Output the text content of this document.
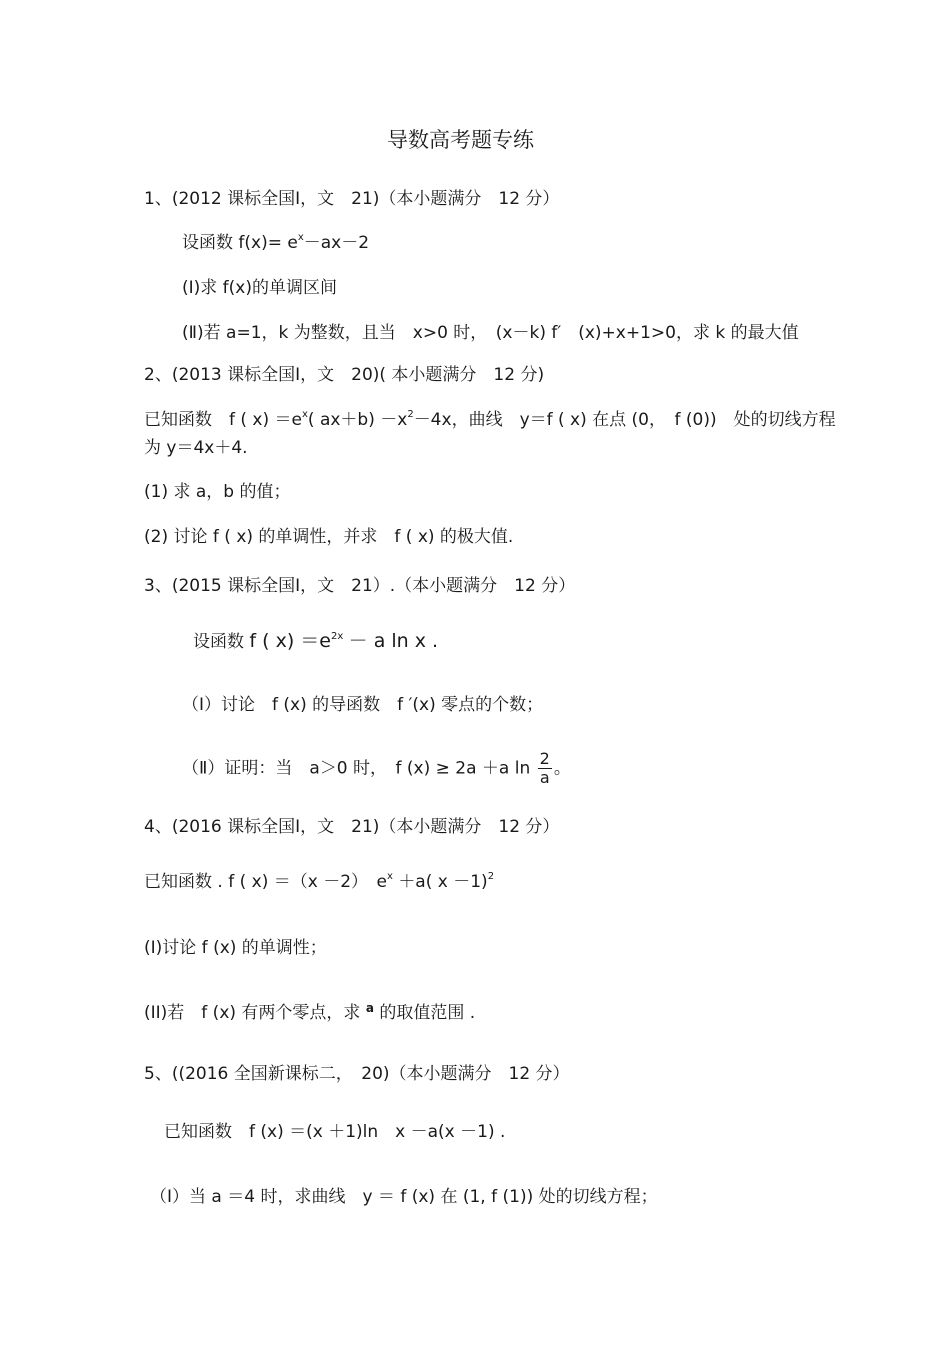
导数高考题专练
1、(2012 课标全国Ⅰ，文　21)（本小题满分　12 分）
设函数 $f(x)= e^x-ax-2$
(Ⅰ)求 f(x)的单调区间
(Ⅱ)若 a=1，k 为整数，且当　x>0 时，　(x－k) f′　(x)+x+1>0，求 k 的最大值
2、(2013 课标全国Ⅰ，文　20)( 本小题满分　12 分)
已知函数　f ( $x) =e^x$( $ax+b) -x^2-4x$，曲线　y＝f ( x) 在点 (0，　f (0))　处的切线方程
为 y＝4x＋4.
(1) 求 a，b 的值；
(2) 讨论 f ( x) 的单调性，并求　f ( x) 的极大值.
3、(2015 课标全国Ⅰ，文　21）.（本小题满分　12 分）
设函数 f ( $x) =e^{2x} - a$ ln x .
（Ⅰ）讨论　f (x) 的导函数　f ′(x) 零点的个数；
（Ⅱ）证明：当　a＞0 时，　f (x) ≥ 2a ＋a $\ln \frac{2}{a}$ 。
4、(2016 课标全国Ⅰ，文　21)（本小题满分　12 分）
已知函数 . f ( x) ＝（x －2）　$e^x +a$( x －1)$^2$
(I)讨论 f (x) 的单调性；
(II)若　f (x) 有两个零点，求 a 的取值范围 .
5、((2016 全国新课标二，　20)（本小题满分　12 分）
已知函数　f (x) ＝(x ＋1)ln　x －a(x －1) .
（I）当 a ＝4 时，求曲线　y ＝ f (x) 在 (1, f (1)) 处的切线方程；
